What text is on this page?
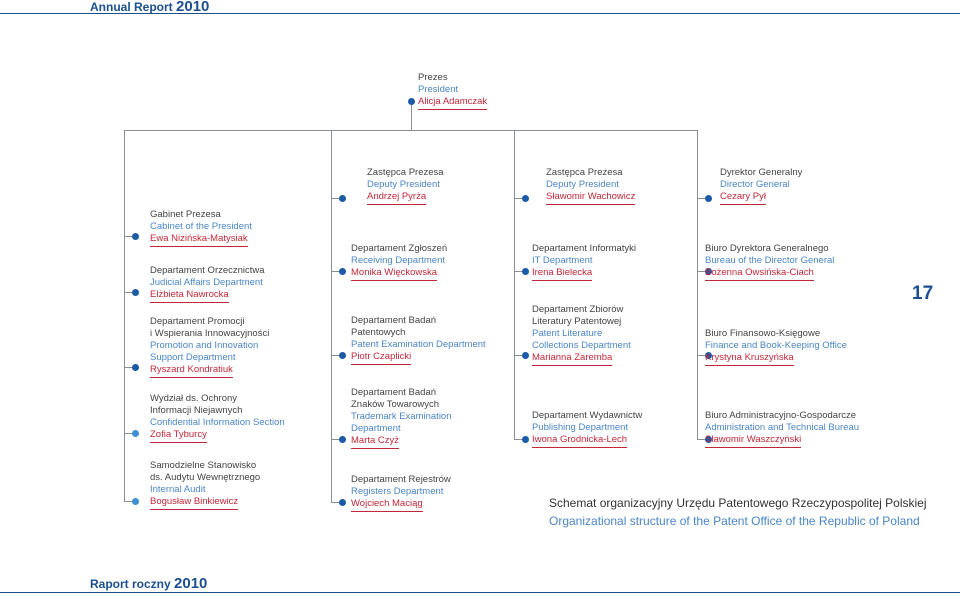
Annual Report 2010
Raport roczny 2010
17
Prezes
President
Alicja Adamczak
Gabinet Prezesa
Cabinet of the President
Ewa Nizińska-Matysiak
Departament Orzecznictwa
Judicial Affairs Department
Elżbieta Nawrocka
Departament Promocji
i Wspierania Innowacyjności
Promotion and Innovation
Support Department
Ryszard Kondratiuk
Wydział ds. Ochrony
Informacji Niejawnych
Confidential Information Section
Zofia Tyburcy
Samodzielne Stanowisko
ds. Audytu Wewnętrznego
Internal Audit
Bogusław Binkiewicz
Zastępca Prezesa
Deputy President
Andrzej Pyrża
Departament Zgłoszeń
Receiving Department
Monika Więckowska
Departament Badań
Patentowych
Patent Examination Department
Piotr Czaplicki
Departament Badań
Znaków Towarowych
Trademark Examination
Department
Marta Czyż
Departament Rejestrów
Registers Department
Wojciech Maciąg
Zastępca Prezesa
Deputy President
Sławomir Wachowicz
Departament Informatyki
IT Department
Irena Bielecka
Departament Zbiorów
Literatury Patentowej
Patent Literature
Collections Department
Marianna Zaremba
Departament Wydawnictw
Publishing Department
Iwona Grodnicka-Lech
Dyrektor Generalny
Director General
Cezary Pył
Biuro Dyrektora Generalnego
Bureau of the Director General
Bożenna Owsińska-Ciach
Biuro Finansowo-Księgowe
Finance and Book-Keeping Office
Krystyna Kruszyńska
Biuro Administracyjno-Gospodarcze
Administration and Technical Bureau
Sławomir Waszczyński
Schemat organizacyjny Urzędu Patentowego Rzeczypospolitej Polskiej
Organizational structure of the Patent Office of the Republic of Poland
